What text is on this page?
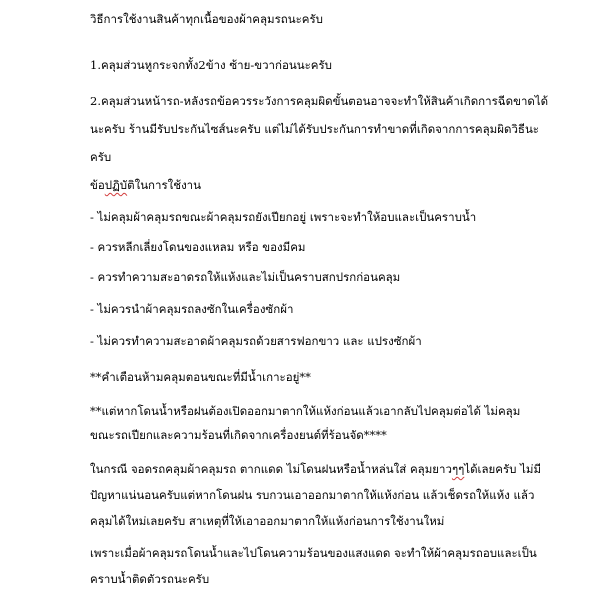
วิธีการใช้งานสินค้าทุกเนื้อของผ้าคลุมรถนะครับ
1.คลุมส่วนหูกระจกทั้ง2ข้าง ซ้าย-ขวาก่อนนะครับ
2.คลุมส่วนหน้ารถ-หลังรถข้อควรระวังการคลุมผิดขั้นตอนอาจจะทำให้สินค้าเกิดการฉีดขาดได้
นะครับ ร้านมีรับประกันไซส์นะครับ แต่ไม่ได้รับประกันการทำขาดที่เกิดจากการคลุมผิดวิธีนะ
ครับ
ข้อปฏิบัติในการใช้งาน
- ไม่คลุมผ้าคลุมรถขณะผ้าคลุมรถยังเปียกอยู่ เพราะจะทำให้อบและเป็นคราบน้ำ
- ควรหลีกเลี่ยงโดนของแหลม หรือ ของมีคม
- ควรทำความสะอาดรถให้แห้งและไม่เป็นคราบสกปรกก่อนคลุม
- ไม่ควรนำผ้าคลุมรถลงซักในเครื่องซักผ้า
- ไม่ควรทำความสะอาดผ้าคลุมรถด้วยสารฟอกขาว และ แปรงซักผ้า
**คำเตือนห้ามคลุมตอนขณะที่มีน้ำเกาะอยู่**
**แต่หากโดนน้ำหรือฝนต้องเปิดออกมาตากให้แห้งก่อนแล้วเอากลับไปคลุมต่อได้ ไม่คลุม
ขณะรถเปียกและความร้อนที่เกิดจากเครื่องยนต์ที่ร้อนจัด****
ในกรณี จอดรถคลุมผ้าคลุมรถ ตากแดด ไม่โดนฝนหรือน้ำหล่นใส่ คลุมยาวๆๆได้เลยครับ ไม่มี
ปัญหาแน่นอนครับแต่หากโดนฝน รบกวนเอาออกมาตากให้แห้งก่อน แล้วเช็ดรถให้แห้ง แล้ว
คลุมได้ใหม่เลยครับ สาเหตุที่ให้เอาออกมาตากให้แห้งก่อนการใช้งานใหม่
เพราะเมื่อผ้าคลุมรถโดนน้ำและไปโดนความร้อนของแสงแดด จะทำให้ผ้าคลุมรถอบและเป็น
คราบน้ำติดตัวรถนะครับ
